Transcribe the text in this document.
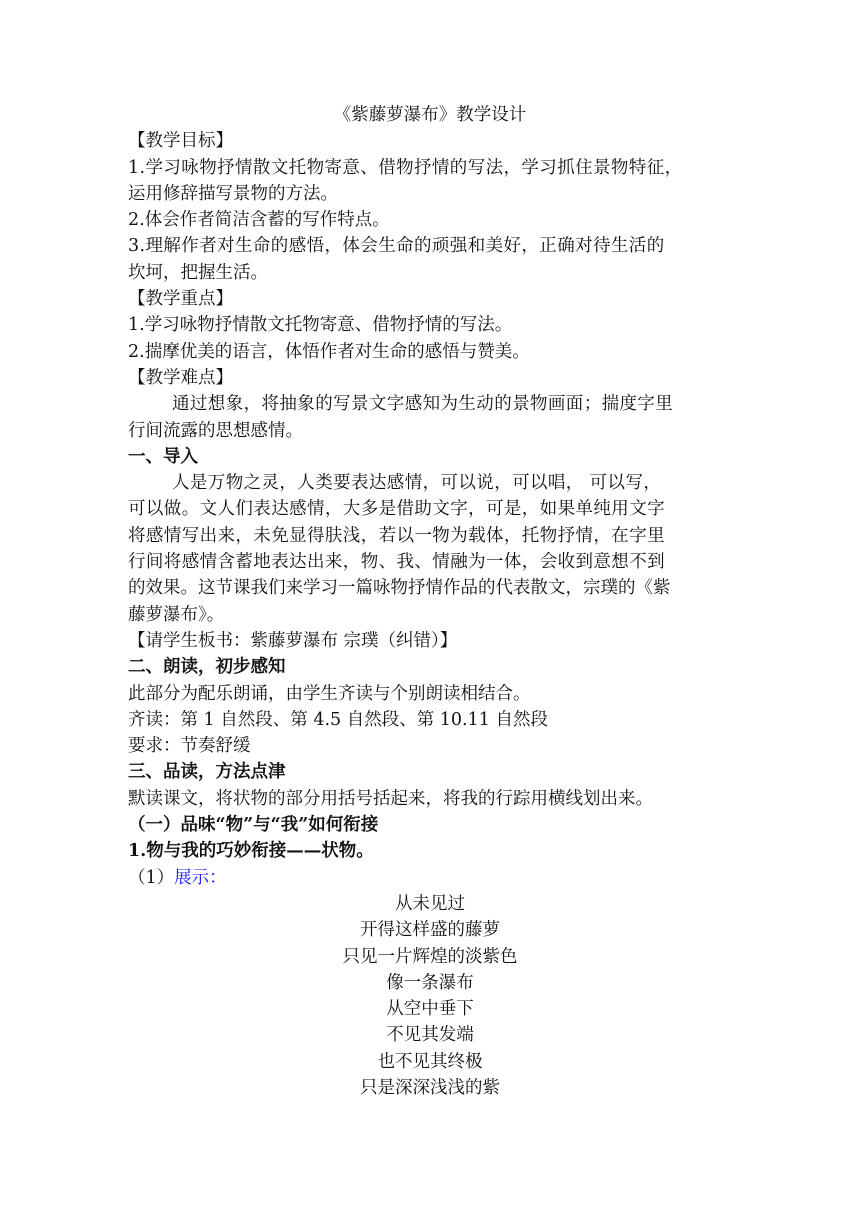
《紫藤萝瀑布》教学设计
【教学目标】
1.学习咏物抒情散文托物寄意、借物抒情的写法，学习抓住景物特征，
运用修辞描写景物的方法。
2.体会作者简洁含蓄的写作特点。
3.理解作者对生命的感悟，体会生命的顽强和美好，正确对待生活的
坎坷，把握生活。
【教学重点】
1.学习咏物抒情散文托物寄意、借物抒情的写法。
2.揣摩优美的语言，体悟作者对生命的感悟与赞美。
【教学难点】
通过想象，将抽象的写景文字感知为生动的景物画面；揣度字里
行间流露的思想感情。
一、导入
人是万物之灵，人类要表达感情，可以说，可以唱， 可以写，
可以做。文人们表达感情，大多是借助文字，可是，如果单纯用文字
将感情写出来，未免显得肤浅，若以一物为载体，托物抒情，在字里
行间将感情含蓄地表达出来，物、我、情融为一体，会收到意想不到
的效果。这节课我们来学习一篇咏物抒情作品的代表散文，宗璞的《紫
藤萝瀑布》。
【请学生板书：紫藤萝瀑布 宗璞（纠错）】
二、朗读，初步感知
此部分为配乐朗诵，由学生齐读与个别朗读相结合。
齐读：第 1 自然段、第 4.5 自然段、第 10.11 自然段
要求：节奏舒缓
三、品读，方法点津
默读课文，将状物的部分用括号括起来，将我的行踪用横线划出来。
（一）品味“物”与“我”如何衔接
1.物与我的巧妙衔接——状物。
（1）展示：
从未见过
开得这样盛的藤萝
只见一片辉煌的淡紫色
像一条瀑布
从空中垂下
不见其发端
也不见其终极
只是深深浅浅的紫
